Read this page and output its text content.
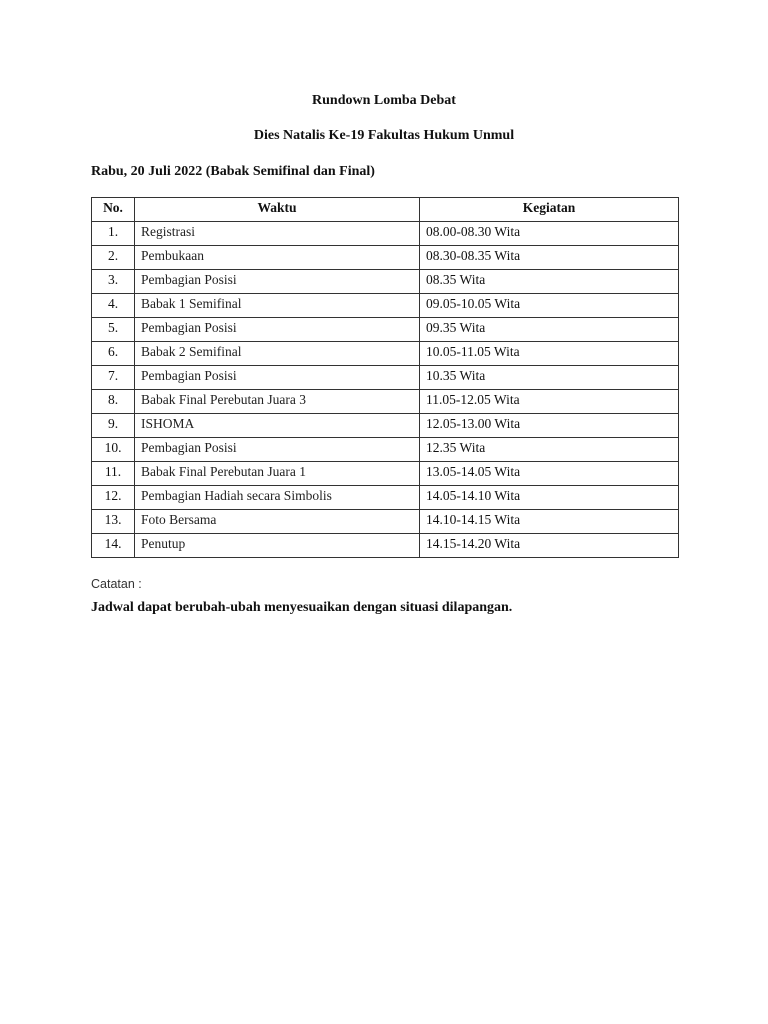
Rundown Lomba Debat
Dies Natalis Ke-19 Fakultas Hukum Unmul
Rabu, 20 Juli 2022 (Babak Semifinal dan Final)
No.	Waktu	Kegiatan
1.	Registrasi	08.00-08.30 Wita
2.	Pembukaan	08.30-08.35 Wita
3.	Pembagian Posisi	08.35 Wita
4.	Babak 1 Semifinal	09.05-10.05 Wita
5.	Pembagian Posisi	09.35 Wita
6.	Babak 2 Semifinal	10.05-11.05 Wita
7.	Pembagian Posisi	10.35 Wita
8.	Babak Final Perebutan Juara 3	11.05-12.05 Wita
9.	ISHOMA	12.05-13.00 Wita
10.	Pembagian Posisi	12.35 Wita
11.	Babak Final Perebutan Juara 1	13.05-14.05 Wita
12.	Pembagian Hadiah secara Simbolis	14.05-14.10 Wita
13.	Foto Bersama	14.10-14.15 Wita
14.	Penutup	14.15-14.20 Wita
Catatan :
Jadwal dapat berubah-ubah menyesuaikan dengan situasi dilapangan.
